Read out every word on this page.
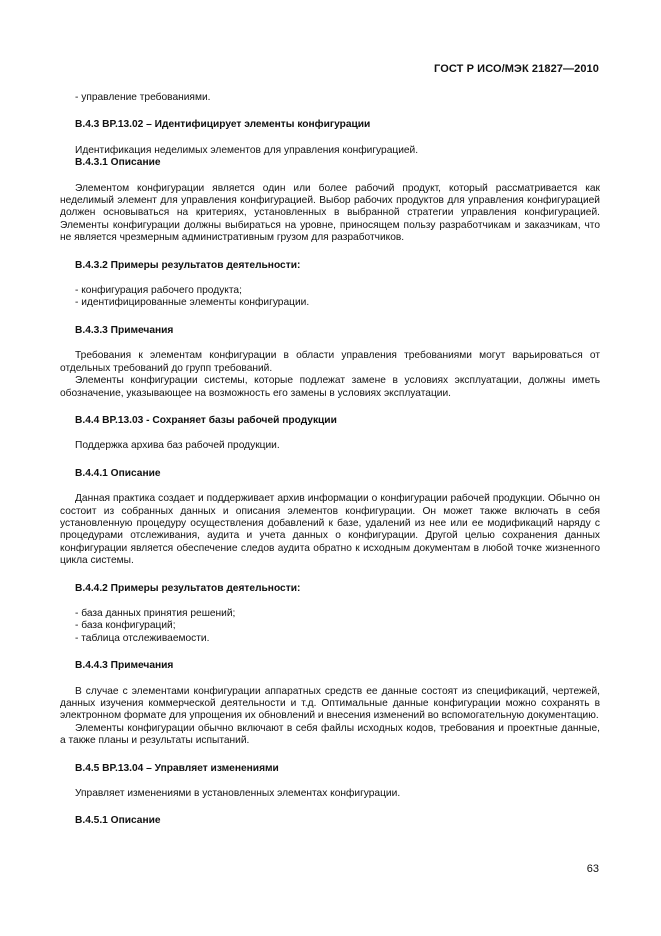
ГОСТ Р ИСО/МЭК 21827—2010

- управление требованиями.

B.4.3 BP.13.02 – Идентифицирует элементы конфигурации

Идентификация неделимых элементов для управления конфигурацией.

B.4.3.1 Описание

Элементом конфигурации является один или более рабочий продукт, который рассматривается как неделимый элемент для управления конфигурацией. Выбор рабочих продуктов для управления конфигурацией должен основываться на критериях, установленных в выбранной стратегии управления конфигурацией. Элементы конфигурации должны выбираться на уровне, приносящем пользу разработчикам и заказчикам, что не является чрезмерным административным грузом для разработчиков.

B.4.3.2 Примеры результатов деятельности:

- конфигурация рабочего продукта;

- идентифицированные элементы конфигурации.

B.4.3.3 Примечания

Требования к элементам конфигурации в области управления требованиями могут варьироваться от отдельных требований до групп требований.

Элементы конфигурации системы, которые подлежат замене в условиях эксплуатации, должны иметь обозначение, указывающее на возможность его замены в условиях эксплуатации.

B.4.4 BP.13.03 - Сохраняет базы рабочей продукции

Поддержка архива баз рабочей продукции.

B.4.4.1 Описание

Данная практика создает и поддерживает архив информации о конфигурации рабочей продукции. Обычно он состоит из собранных данных и описания элементов конфигурации. Он может также включать в себя установленную процедуру осуществления добавлений к базе, удалений из нее или ее модификаций наряду с процедурами отслеживания, аудита и учета данных о конфигурации. Другой целью сохранения данных конфигурации является обеспечение следов аудита обратно к исходным документам в любой точке жизненного цикла системы.

B.4.4.2 Примеры результатов деятельности:

- база данных принятия решений;

- база конфигураций;

- таблица отслеживаемости.

B.4.4.3 Примечания

В случае с элементами конфигурации аппаратных средств ее данные состоят из спецификаций, чертежей, данных изучения коммерческой деятельности и т.д. Оптимальные данные конфигурации можно сохранять в электронном формате для упрощения их обновлений и внесения изменений во вспомогательную документацию.

Элементы конфигурации обычно включают в себя файлы исходных кодов, требования и проектные данные, а также планы и результаты испытаний.

B.4.5 BP.13.04 – Управляет изменениями

Управляет изменениями в установленных элементах конфигурации.

B.4.5.1 Описание

63
